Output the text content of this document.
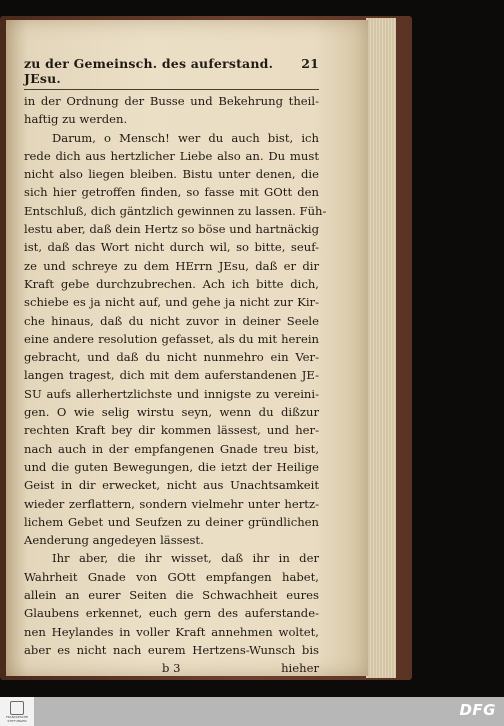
zu der Gemeinsch. des auferstand. JEsu.
21
in der Ordnung der Busse und Bekehrung theil-
haftig zu werden.
Darum, o Mensch! wer du auch bist, ich
rede dich aus hertzlicher Liebe also an. Du must
nicht also liegen bleiben. Bistu unter denen, die
sich hier getroffen finden, so fasse mit GOtt den
Entschluß, dich gäntzlich gewinnen zu lassen. Füh-
lestu aber, daß dein Hertz so böse und hartnäckig
ist, daß das Wort nicht durch wil, so bitte, seuf-
ze und schreye zu dem HErrn JEsu, daß er dir
Kraft gebe durchzubrechen. Ach ich bitte dich,
schiebe es ja nicht auf, und gehe ja nicht zur Kir-
che hinaus, daß du nicht zuvor in deiner Seele
eine andere resolution gefasset, als du mit herein
gebracht, und daß du nicht nunmehro ein Ver-
langen tragest, dich mit dem auferstandenen JE-
SU aufs allerhertzlichste und innigste zu vereini-
gen. O wie selig wirstu seyn, wenn du dißzur
rechten Kraft bey dir kommen lässest, und her-
nach auch in der empfangenen Gnade treu bist,
und die guten Bewegungen, die ietzt der Heilige
Geist in dir erwecket, nicht aus Unachtsamkeit
wieder zerflattern, sondern vielmehr unter hertz-
lichem Gebet und Seufzen zu deiner gründlichen
Aenderung angedeyen lässest.
Ihr aber, die ihr wisset, daß ihr in der
Wahrheit Gnade von GOtt empfangen habet,
allein an eurer Seiten die Schwachheit eures
Glaubens erkennet, euch gern des auferstande-
nen Heylandes in voller Kraft annehmen woltet,
aber es nicht nach eurem Hertzens-Wunsch bis
b 3	hieher
FRANCKESCHE STIFTUNGEN
DFG
